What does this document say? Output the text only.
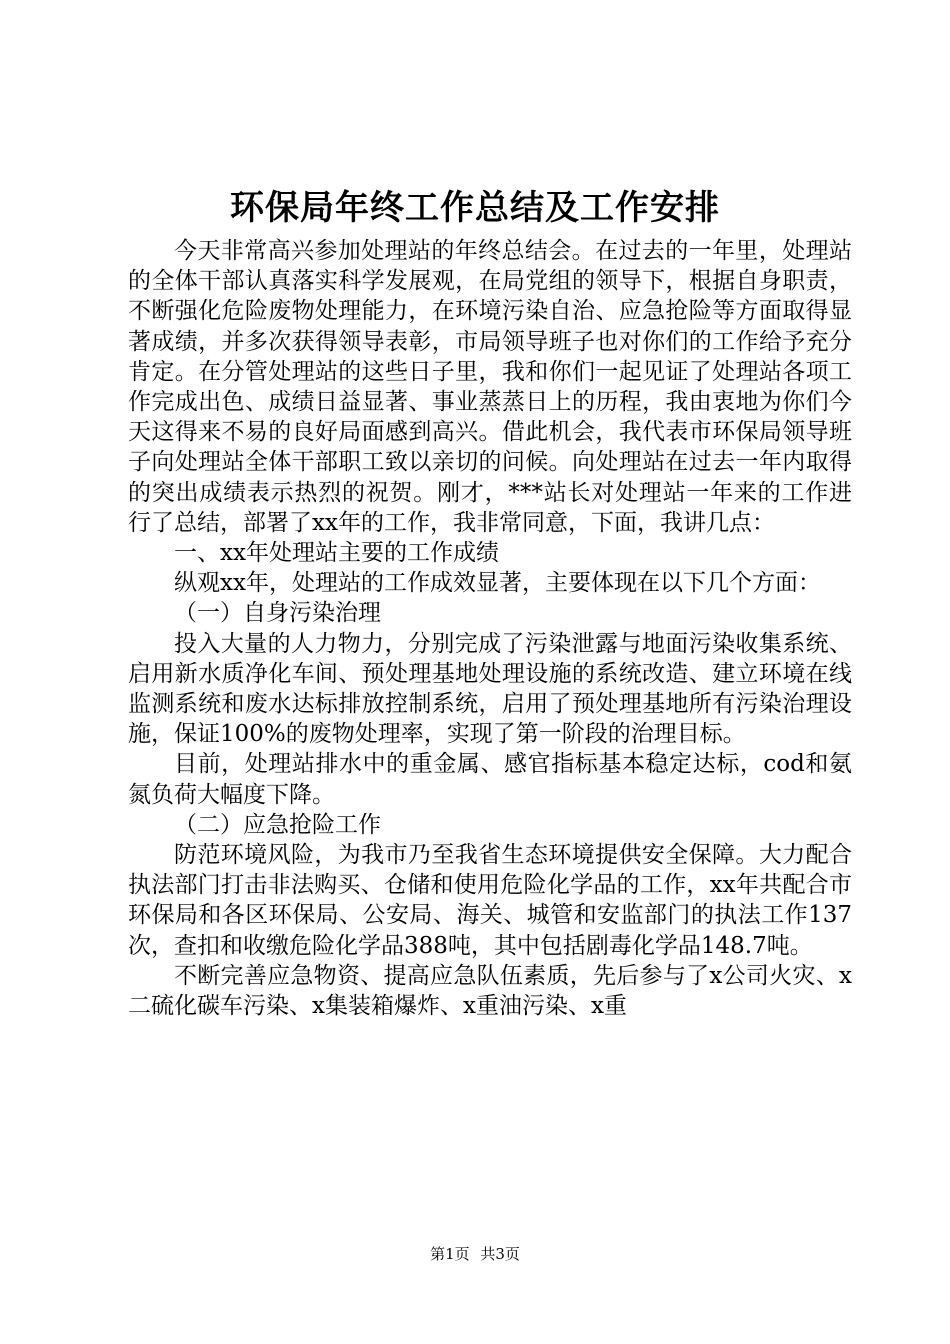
环保局年终工作总结及工作安排

今天非常高兴参加处理站的年终总结会。在过去的一年里，处理站的全体干部认真落实科学发展观，在局党组的领导下，根据自身职责，不断强化危险废物处理能力，在环境污染自治、应急抢险等方面取得显著成绩，并多次获得领导表彰，市局领导班子也对你们的工作给予充分肯定。在分管处理站的这些日子里，我和你们一起见证了处理站各项工作完成出色、成绩日益显著、事业蒸蒸日上的历程，我由衷地为你们今天这得来不易的良好局面感到高兴。借此机会，我代表市环保局领导班子向处理站全体干部职工致以亲切的问候。向处理站在过去一年内取得的突出成绩表示热烈的祝贺。刚才，***站长对处理站一年来的工作进行了总结，部署了xx年的工作，我非常同意，下面，我讲几点：

一、xx年处理站主要的工作成绩

纵观xx年，处理站的工作成效显著，主要体现在以下几个方面：

（一）自身污染治理

投入大量的人力物力，分别完成了污染泄露与地面污染收集系统、启用新水质净化车间、预处理基地处理设施的系统改造、建立环境在线监测系统和废水达标排放控制系统，启用了预处理基地所有污染治理设施，保证100%的废物处理率，实现了第一阶段的治理目标。

目前，处理站排水中的重金属、感官指标基本稳定达标，cod和氨氮负荷大幅度下降。

（二）应急抢险工作

防范环境风险，为我市乃至我省生态环境提供安全保障。大力配合执法部门打击非法购买、仓储和使用危险化学品的工作，xx年共配合市环保局和各区环保局、公安局、海关、城管和安监部门的执法工作137次，查扣和收缴危险化学品388吨，其中包括剧毒化学品148.7吨。

不断完善应急物资、提高应急队伍素质，先后参与了x公司火灾、x二硫化碳车污染、x集装箱爆炸、x重油污染、x重

第1页 共3页
